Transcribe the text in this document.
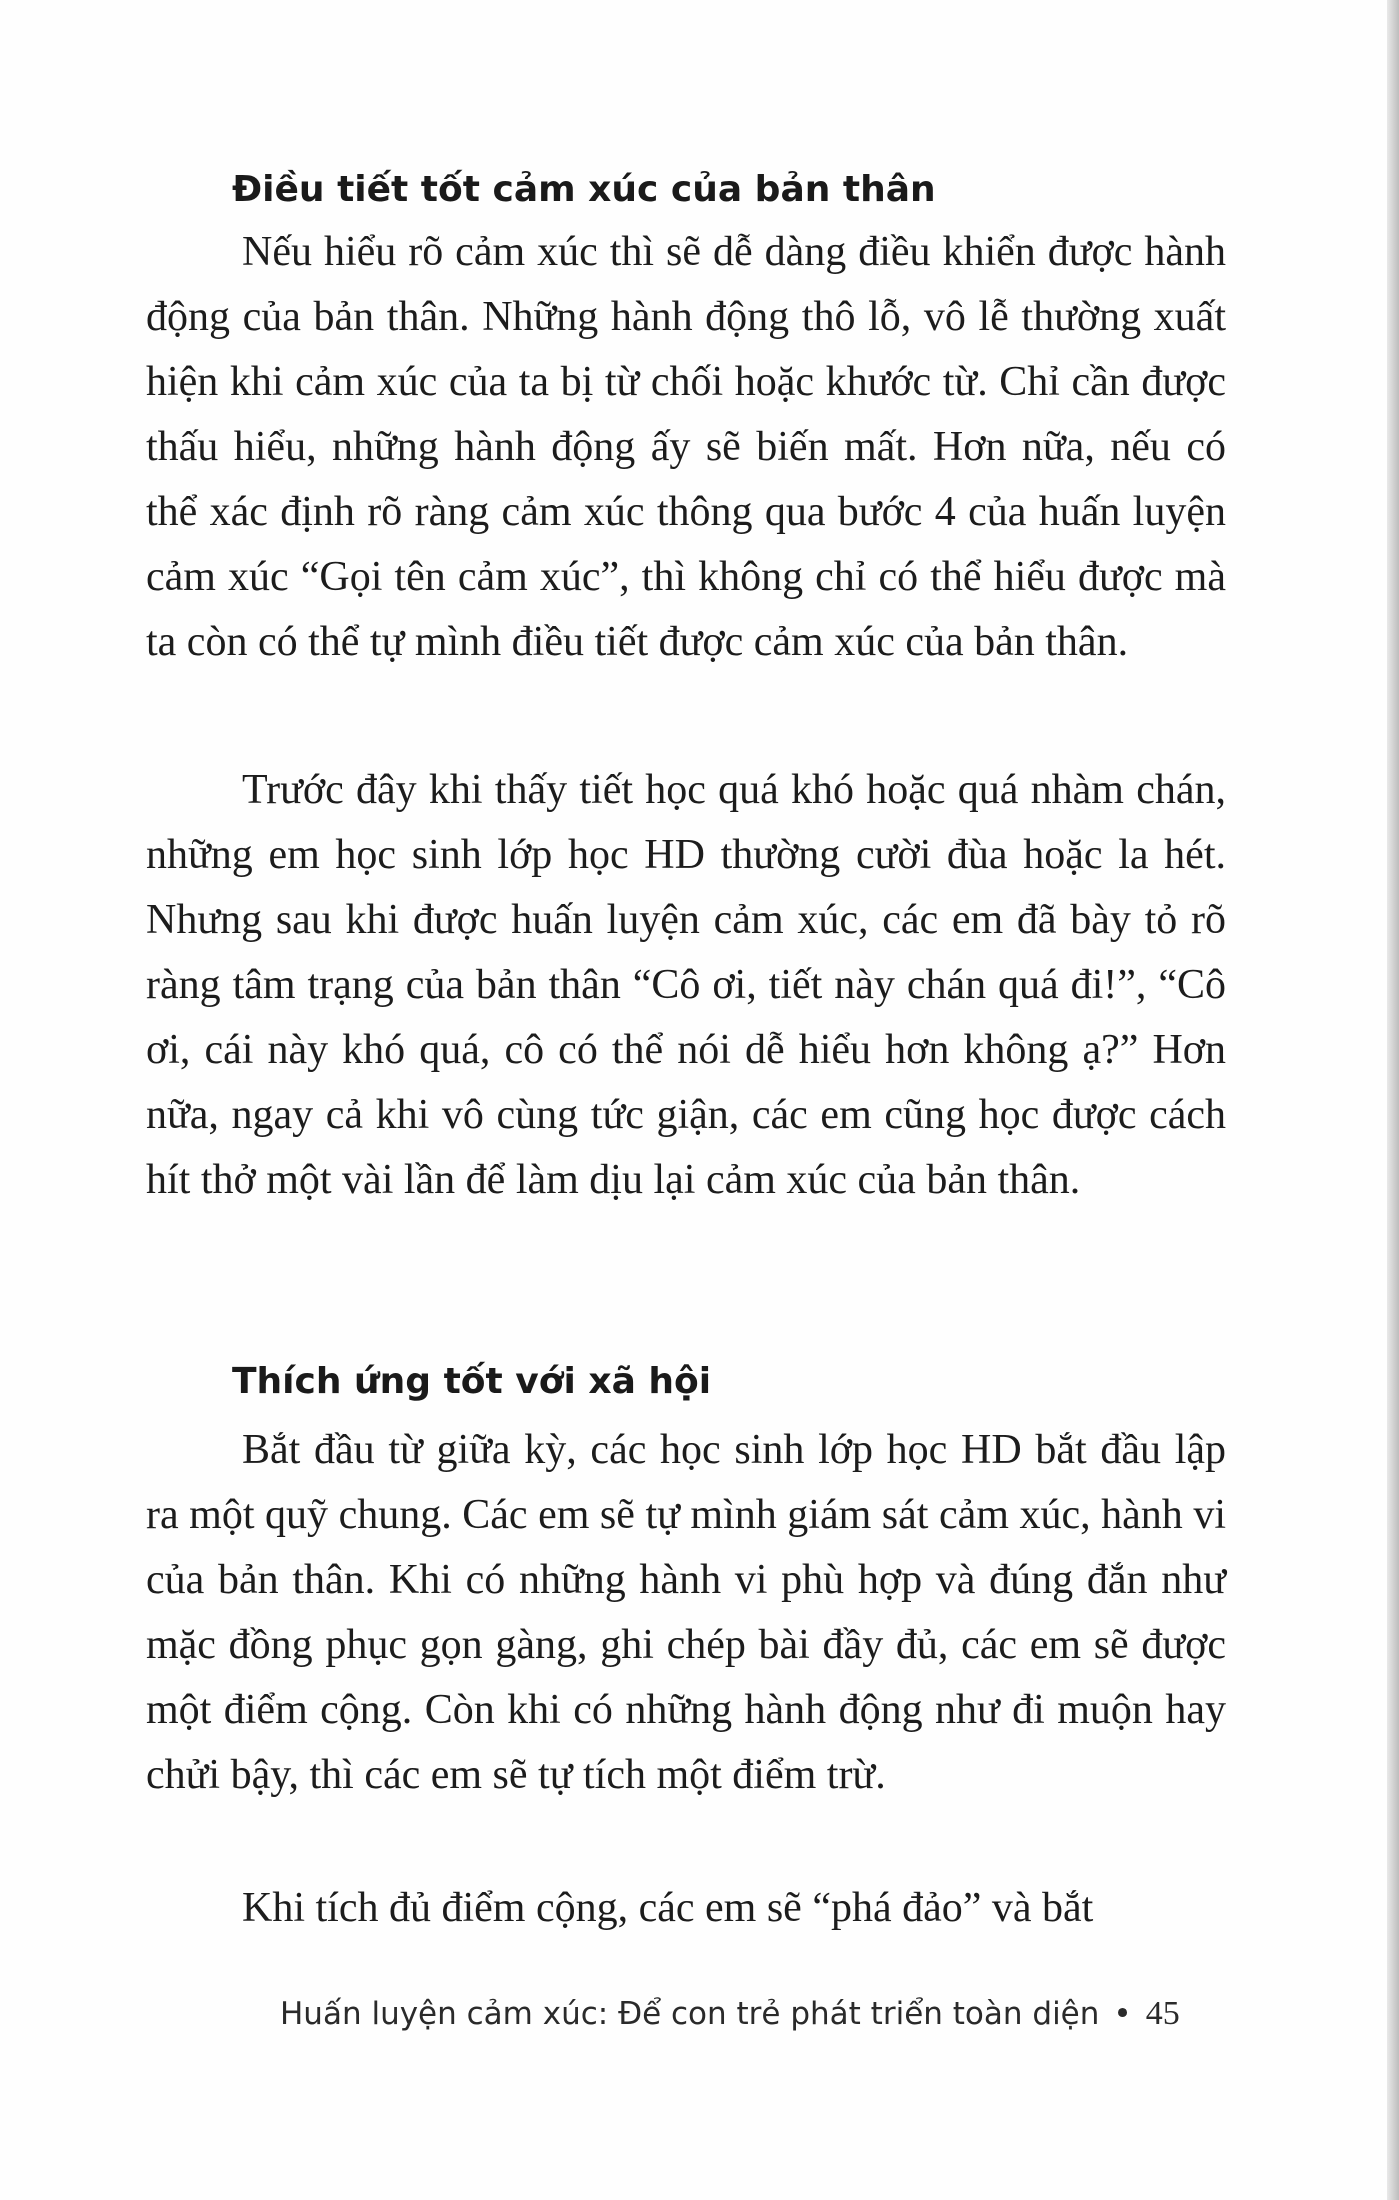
Điều tiết tốt cảm xúc của bản thân

Nếu hiểu rõ cảm xúc thì sẽ dễ dàng điều khiển được hành động của bản thân. Những hành động thô lỗ, vô lễ thường xuất hiện khi cảm xúc của ta bị từ chối hoặc khước từ. Chỉ cần được thấu hiểu, những hành động ấy sẽ biến mất. Hơn nữa, nếu có thể xác định rõ ràng cảm xúc thông qua bước 4 của huấn luyện cảm xúc “Gọi tên cảm xúc”, thì không chỉ có thể hiểu được mà ta còn có thể tự mình điều tiết được cảm xúc của bản thân.

Trước đây khi thấy tiết học quá khó hoặc quá nhàm chán, những em học sinh lớp học HD thường cười đùa hoặc la hét. Nhưng sau khi được huấn luyện cảm xúc, các em đã bày tỏ rõ ràng tâm trạng của bản thân “Cô ơi, tiết này chán quá đi!”, “Cô ơi, cái này khó quá, cô có thể nói dễ hiểu hơn không ạ?” Hơn nữa, ngay cả khi vô cùng tức giận, các em cũng học được cách hít thở một vài lần để làm dịu lại cảm xúc của bản thân.

Thích ứng tốt với xã hội

Bắt đầu từ giữa kỳ, các học sinh lớp học HD bắt đầu lập ra một quỹ chung. Các em sẽ tự mình giám sát cảm xúc, hành vi của bản thân. Khi có những hành vi phù hợp và đúng đắn như mặc đồng phục gọn gàng, ghi chép bài đầy đủ, các em sẽ được một điểm cộng. Còn khi có những hành động như đi muộn hay chửi bậy, thì các em sẽ tự tích một điểm trừ.

Khi tích đủ điểm cộng, các em sẽ “phá đảo” và bắt

Huấn luyện cảm xúc: Để con trẻ phát triển toàn diện • 45
